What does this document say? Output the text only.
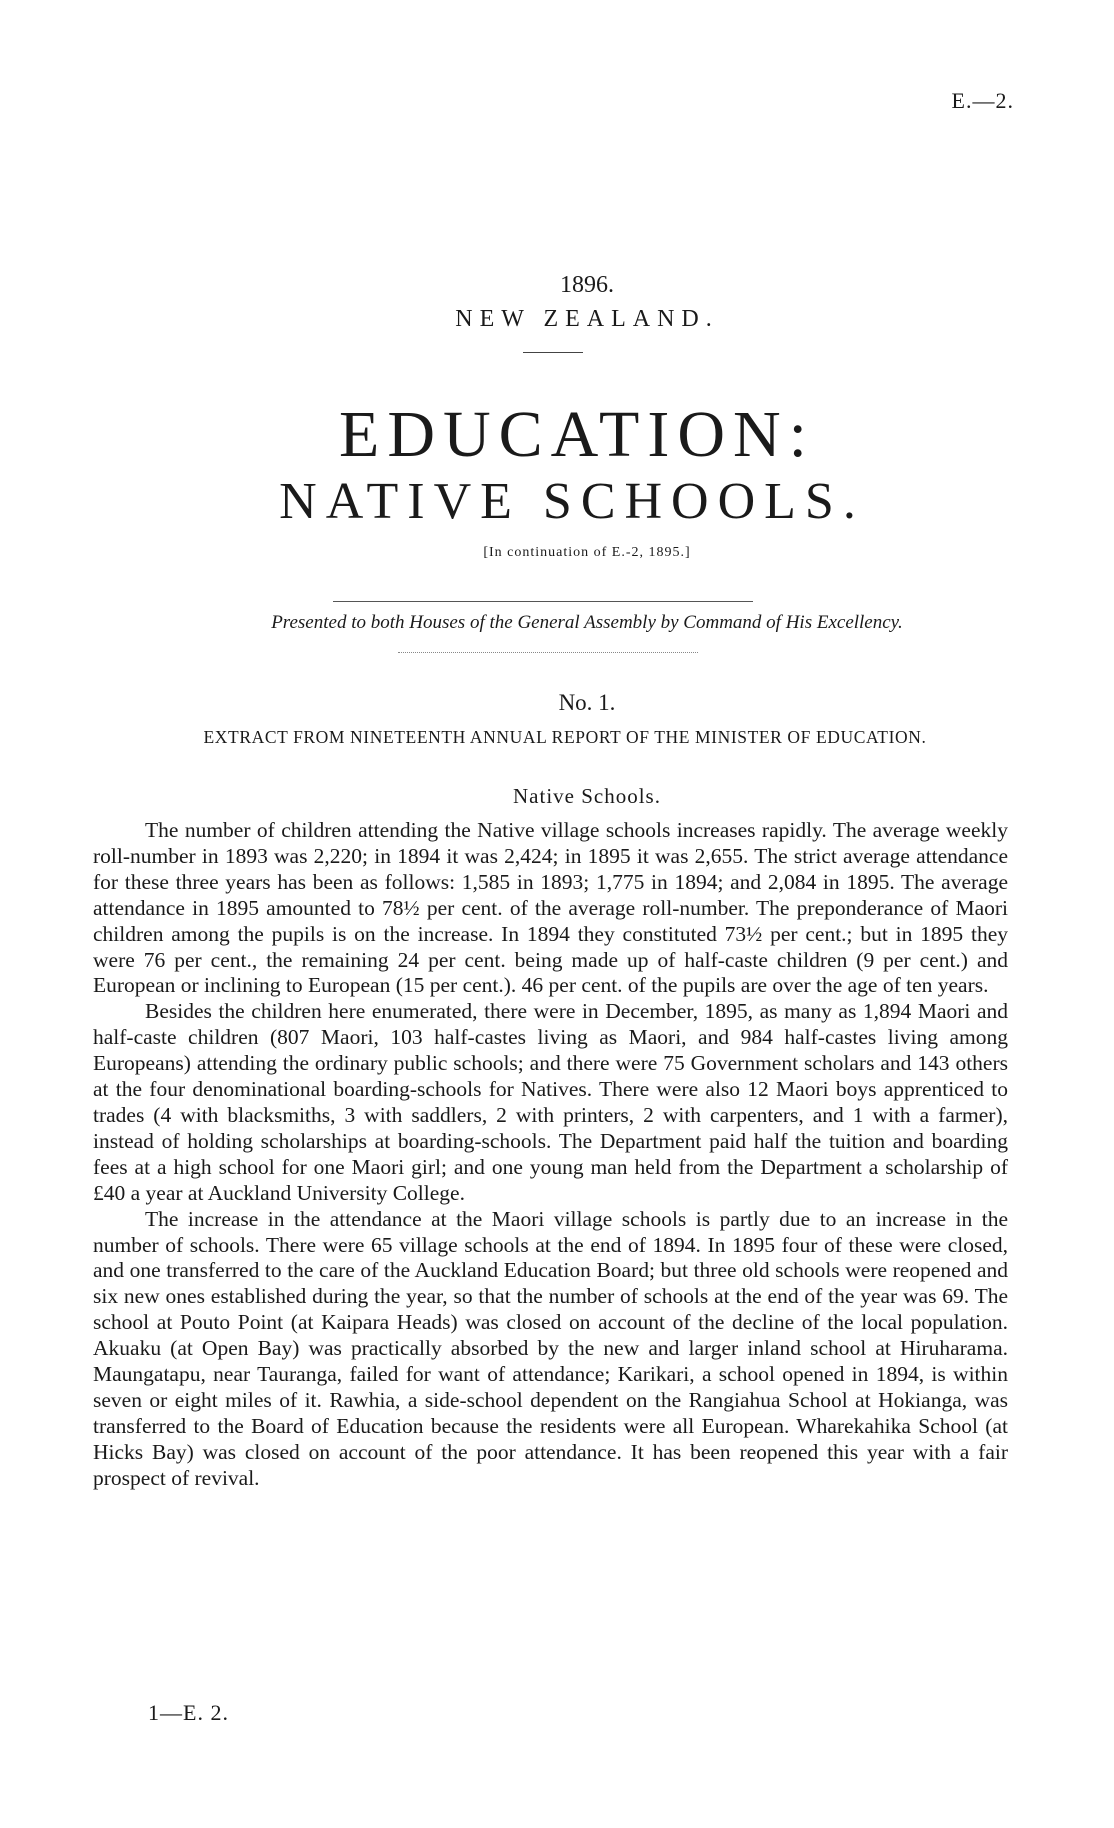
E.—2.
1896.
NEW ZEALAND.
EDUCATION:
NATIVE SCHOOLS.
[In continuation of E.-2, 1895.]
Presented to both Houses of the General Assembly by Command of His Excellency.
No. 1.
EXTRACT FROM NINETEENTH ANNUAL REPORT OF THE MINISTER OF EDUCATION.
Native Schools.

The number of children attending the Native village schools increases rapidly. The average weekly roll-number in 1893 was 2,220; in 1894 it was 2,424; in 1895 it was 2,655. The strict average attendance for these three years has been as follows: 1,585 in 1893; 1,775 in 1894; and 2,084 in 1895. The average attendance in 1895 amounted to 78½ per cent. of the average roll-number. The preponderance of Maori children among the pupils is on the increase. In 1894 they constituted 73½ per cent.; but in 1895 they were 76 per cent., the remaining 24 per cent. being made up of half-caste children (9 per cent.) and European or inclining to European (15 per cent.). 46 per cent. of the pupils are over the age of ten years.

Besides the children here enumerated, there were in December, 1895, as many as 1,894 Maori and half-caste children (807 Maori, 103 half-castes living as Maori, and 984 half-castes living among Europeans) attending the ordinary public schools; and there were 75 Government scholars and 143 others at the four denominational boarding-schools for Natives. There were also 12 Maori boys apprenticed to trades (4 with blacksmiths, 3 with saddlers, 2 with printers, 2 with carpenters, and 1 with a farmer), instead of holding scholarships at boarding-schools. The Department paid half the tuition and boarding fees at a high school for one Maori girl; and one young man held from the Department a scholarship of £40 a year at Auckland University College.

The increase in the attendance at the Maori village schools is partly due to an increase in the number of schools. There were 65 village schools at the end of 1894. In 1895 four of these were closed, and one transferred to the care of the Auckland Education Board; but three old schools were reopened and six new ones established during the year, so that the number of schools at the end of the year was 69. The school at Pouto Point (at Kaipara Heads) was closed on account of the decline of the local population. Akuaku (at Open Bay) was practically absorbed by the new and larger inland school at Hiruharama. Maungatapu, near Tauranga, failed for want of attendance; Karikari, a school opened in 1894, is within seven or eight miles of it. Rawhia, a side-school dependent on the Rangiahua School at Hokianga, was transferred to the Board of Education because the residents were all European. Wharekahika School (at Hicks Bay) was closed on account of the poor attendance. It has been reopened this year with a fair prospect of revival.

1—E. 2.
